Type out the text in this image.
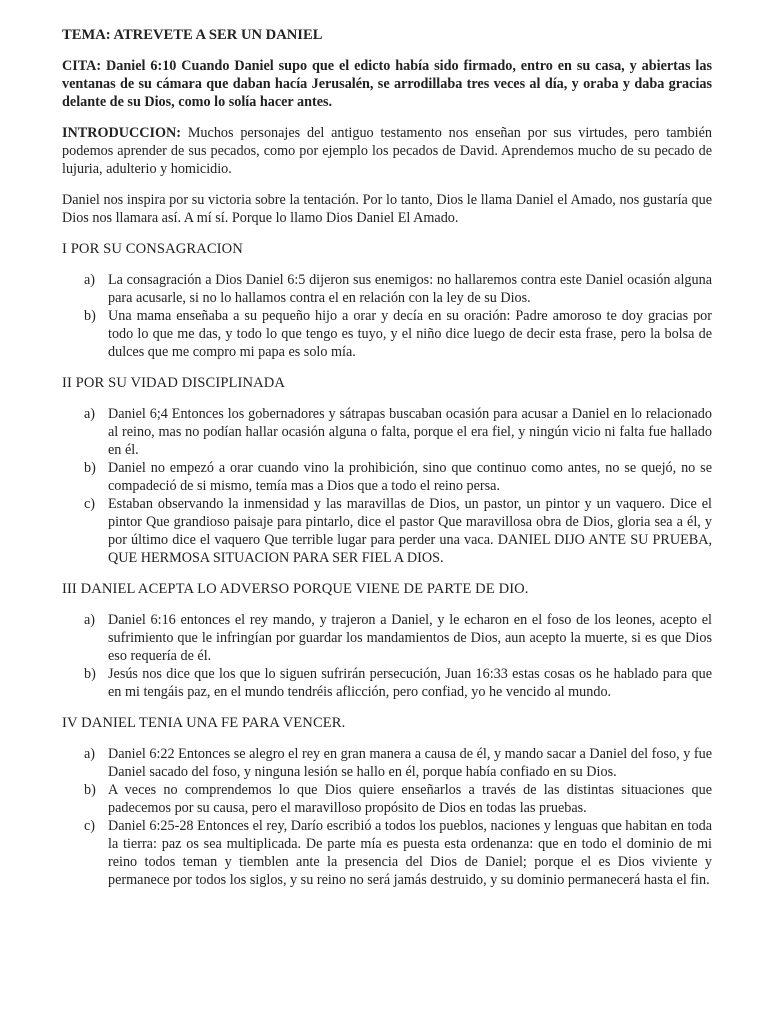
TEMA: ATREVETE A SER UN DANIEL
CITA: Daniel 6:10 Cuando Daniel supo que el edicto había sido firmado, entro en su casa, y abiertas las ventanas de su cámara que daban hacía Jerusalén, se arrodillaba tres veces al día, y oraba y daba gracias delante de su Dios, como lo solía hacer antes.
INTRODUCCION: Muchos personajes del antiguo testamento nos enseñan por sus virtudes, pero también podemos aprender de sus pecados, como por ejemplo los pecados de David. Aprendemos mucho de su pecado de lujuria, adulterio y homicidio.
Daniel nos inspira por su victoria sobre la tentación. Por lo tanto, Dios le llama Daniel el Amado, nos gustaría que Dios nos llamara así. A mí sí. Porque lo llamo Dios Daniel El Amado.
I POR SU CONSAGRACION
a) La consagración a Dios Daniel 6:5 dijeron sus enemigos: no hallaremos contra este Daniel ocasión alguna para acusarle, si no lo hallamos contra el en relación con la ley de su Dios.
b) Una mama enseñaba a su pequeño hijo a orar y decía en su oración: Padre amoroso te doy gracias por todo lo que me das, y todo lo que tengo es tuyo, y el niño dice luego de decir esta frase, pero la bolsa de dulces que me compro mi papa es solo mía.
II POR SU VIDAD DISCIPLINADA
a) Daniel 6;4 Entonces los gobernadores y sátrapas buscaban ocasión para acusar a Daniel en lo relacionado al reino, mas no podían hallar ocasión alguna o falta, porque el era fiel, y ningún vicio ni falta fue hallado en él.
b) Daniel no empezó a orar cuando vino la prohibición, sino que continuo como antes, no se quejó, no se compadeció de si mismo, temía mas a Dios que a todo el reino persa.
c) Estaban observando la inmensidad y las maravillas de Dios, un pastor, un pintor y un vaquero. Dice el pintor Que grandioso paisaje para pintarlo, dice el pastor Que maravillosa obra de Dios, gloria sea a él, y por último dice el vaquero Que terrible lugar para perder una vaca. DANIEL DIJO ANTE SU PRUEBA, QUE HERMOSA SITUACION PARA SER FIEL A DIOS.
III DANIEL ACEPTA LO ADVERSO PORQUE VIENE DE PARTE DE DIO.
a) Daniel 6:16 entonces el rey mando, y trajeron a Daniel, y le echaron en el foso de los leones, acepto el sufrimiento que le infringían por guardar los mandamientos de Dios, aun acepto la muerte, si es que Dios eso requería de él.
b) Jesús nos dice que los que lo siguen sufrirán persecución, Juan 16:33 estas cosas os he hablado para que en mi tengáis paz, en el mundo tendréis aflicción, pero confiad, yo he vencido al mundo.
IV DANIEL TENIA UNA FE PARA VENCER.
a) Daniel 6:22 Entonces se alegro el rey en gran manera a causa de él, y mando sacar a Daniel del foso, y fue Daniel sacado del foso, y ninguna lesión se hallo en él, porque había confiado en su Dios.
b) A veces no comprendemos lo que Dios quiere enseñarlos a través de las distintas situaciones que padecemos por su causa, pero el maravilloso propósito de Dios en todas las pruebas.
c) Daniel 6:25-28 Entonces el rey, Darío escribió a todos los pueblos, naciones y lenguas que habitan en toda la tierra: paz os sea multiplicada. De parte mía es puesta esta ordenanza: que en todo el dominio de mi reino todos teman y tiemblen ante la presencia del Dios de Daniel; porque el es Dios viviente y permanece por todos los siglos, y su reino no será jamás destruido, y su dominio permanecerá hasta el fin.
